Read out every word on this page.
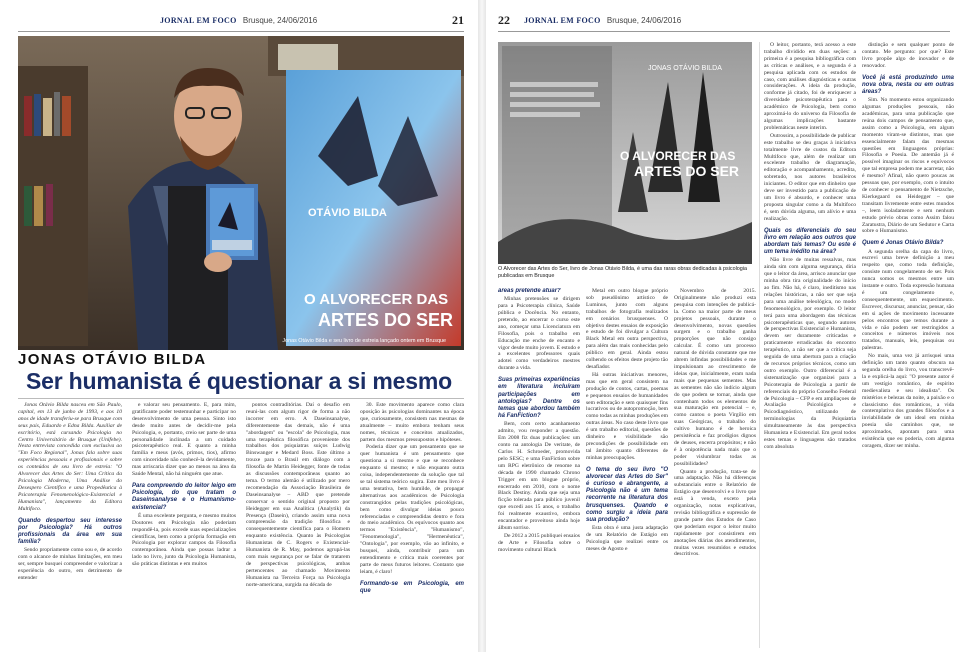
JORNAL EM FOCO Brusque, 24/06/2016	21
OTÁVIO BILDA
O ALVORECER DAS
ARTES DO SER
Jonas Otávio Bilda e seu livro de estreia lançado ontem em Brusque
JONAS OTÁVIO BILDA
Ser humanista é questionar a si mesmo

Jonas Otávio Bilda nasceu em São Paulo, capital, em 13 de junho de 1993, e aos 10 anos de idade transferiu-se para Brusque com seus pais, Eduardo e Edna Bilda. Auxiliar de escritório, está cursando Psicologia no Centro Universitário de Brusque (Unifebe). Nesta entrevista concedida com exclusiva ao "Em Foco Regional", Jonas fala sobre suas experiências pessoais e profissionais e sobre os conteúdos de seu livro de estreia: "O Alvorecer das Artes do Ser: Uma Crítica da Psicologia Moderna, Uma Análise do Desespero Científico e uma Propedêutica à Psicoterapia Fenomenológico-Existencial e Humanista", lançamento da Editora Multifoco.

Quando despertou seu interesse por Psicologia? Há outros profissionais da área em sua família?

Sendo propriamente como sou e, de acordo com o alcance de minhas limitações, em meu ser, sempre busquei compreender e valorizar a experiência do outro, em detrimento de entender

e valorar seu pensamento. E, para mim, gratificante poder testemunhar e participar no desenvolvimento de uma pessoa. Sinto isto desde muito antes de decidir-me pela Psicologia, e, portanto, creio ser parte de uma personalidade inclinada a um cuidado psicoterapêutico real. E quanto a minha família e meus (avós, primos, tios), afirmo com sinceridade não conhecê-la devidamente, mas arriscaria dizer que ao menos na área da Saúde Mental, não há ninguém que atue.

Para compreendo do leitor leigo em Psicologia, do que tratam o Daseinsanalyse e o Humanismo-existencial?

É uma excelente pergunta, e mesmo muitos Doutores em Psicologia não poderiam respondê-la, pois excede suas especializações científicas, bem como a própria formação em Psicologia por explorar campos da Filosofia contemporânea. Ainda que possas ladrar a lado no livro, junto da Psicologia Humanista, são práticas distintas e em muitos

pontos contraditórias. Daí o desafio em reuni-las com algum rigor de forma a não incorrer em erro. A Daseinsanalyse, diferentemente das demais, não é uma "abordagem" ou "escola" de Psicologia, mas uma terapêutica filosófica proveniente dos trabalhos dos psiquiatras suíços Ludwig Binswanger e Medard Boss. Este último a trouxe para o Brasil em diálogo com a filosofia de Martin Heidegger, fonte de todas as discussões contemporâneas quanto ao tema. O termo alemão é utilizado por mero recomendação da Associação Brasileira de Daseinsanalyse – ABD que pretende conservar o sentido original proposto por Heidegger em sua Analítica (Analytik) da Presença (Dasein), criando assim uma nova compreensão da tradição filosófica e consequentemente científica para o Homem enquanto existência. Quanto às Psicologias Humanistas de C. Rogers e Existencial-Humanista de R. May, podemos agrupá-las com mais segurança por se falar de tratarem de perspectivas psicológicas, ambas pertencentes ao chamado Movimento Humanista na Terceira Força na Psicologia norte-americana, surgida na década de

30. Este movimento aparece como clara oposição às psicologias dominantes na época que, curiosamente, consistem nas mesmas de atualmente – muito embora tenham seus nomes, técnicas e conceitos atualizados, partem dos mesmos pressupostos e hipóteses.

Poderia dizer que um pensamento que se quer humanista é um pensamento que questiona a si mesmo e que se reconhece enquanto si mesmo; e não enquanto outra coisa, independentemente da solução que tal se tal sistema teórico sugira. Este meu livro é uma tentativa, bem humilde, de propagar alternativas aos acadêmicos de Psicologia constrangidos pelas tradições psicológicas, bem como divulgar ideias pouco referenciadas e compreendidas dentro e fora do meio acadêmico. Os equívocos quanto aos termos "Existência", "Humanismo", "Fenomenologia", "Hermenêutica", "Ontologia", por exemplo, vão ao infinito, e busquei, ainda, contribuir para um entendimento e crítica mais coerentes por parte de meus futuros leitores. Contanto que leiam, é claro!

Formando-se em Psicologia, em que

22 JORNAL EM FOCO Brusque, 24/06/2016
O ALVORECER DAS
ARTES DO SER
JONAS OTÁVIO BILDA
O Alvorecer das Artes do Ser, livro de Jonas Otávio Bilda, é uma das raras obras dedicadas à psicologia publicadas em Brusque

áreas pretende atuar?

Minhas pretensões se dirigem para a Psicoterapia clínica, Saúde pública e Docência. No entanto, pretendo, ao encerrar o curso este ano, começar uma Licenciatura em Filosofia, pois o trabalho em Educação me enche de encanto e vigor desde muito jovem. E estudo e a excelentes professores quais adotei como verdadeiros mestres durante a vida.

Suas primeiras experiências em literatura incluíram participações em antologias? Dentre os temas que abordou também há FanFiction?

Bem, com certo acanhamento admito, vou responder a questão. Em 2008 fiz duas publicações: um conto na antologia De veritate, de Carlos H. Schroeder, promovida pelo SESC; e uma FanFiction sobre um RPG eletrônico de renome na década de 1990 chamado Chrono Trigger em um blogue próprio, encerrado em 2010, com o nome Black Destiny. Ainda que seja uma ficção tolerada para público juvenil que excedi aos 15 anos, o trabalho foi realmente exaustivo, embora encantador e proveitoso ainda hoje álbum sorriso.

De 2012 a 2015 publiquei ensaios de Arte e Filosofia sobre o movimento cultural Black

Metal em outro blogue próprio sob pseudônimo artístico de Luminus, junto com alguns trabalhos de fotografia realizados em cenários brusquenses. O objetivo destes ensaios de exposição e estudo de foi divulgar a Cultura Black Metal em outra perspectiva, para além das mais conhecidas pelo público em geral. Ainda estou colhendo os efeitos deste projeto tão desafiador.

Há outras iniciativas menores, mas que em geral consistem na produção de contos, cartas, poemas e pequenos ensaios de humanidades sem editoração e sem quaisquer fins lucrativos ou de autopromoção, bem como todas as minhas produções em outras áreas. No caso deste livro que é um trabalho editorial, questões de dinheiro e visibilidade são precondições de possibilidade em tal âmbito quanto diferentes de minhas preocupações.

O tema do seu livro "O alvorecer das Artes do Ser" é curioso e abrangente, a Psicologia não é um tema recorrente na literatura dos brusquenses. Quando e como surgiu a ideia para sua produção?

Esta obra é uma justa adaptação de um Relatório de Estágio em Psicologia que realizei entre os meses de Agosto e

Novembro de 2015. Originalmente não produzi esta pesquisa com intenções de publicá-la. Como na maior parte de meus projetos pessoais, durante o desenvolvimento, novas questões surgem e o trabalho ganha proporções que não consigo calcular. É como um processo natural de dúvida constante que me abrem infindas possibilidades e me impulsionam ao crescimento de ideias que, inicialmente, eram nada mais que pequenas sementes. Mas as sementes não são indício algum do que podem se tornar, ainda que contenham todos os elementos de sua maturação em potencial – e, como cantou o poeta Virgílio em suas Geórgicas, o trabalho do cultivo humano é de heroica persistência e faz prodígios dignos de deuses, encerra propósitos; e não é à onipotência nada mais que o poder vislumbrar todas as possibilidades?

Quanto a produção, trata-se de uma adaptação. Não há diferenças substanciais entre o Relatório de Estágio que desenvolvi e o livro que está à venda, exceto pela organização, notas explicativas, revisão bibliográfica e supressão de grande parte dos Estudos de Caso que poderiam expor o leitor muito rapidamente por consistirem em anotações diárias dos atendimentos, muitas vezes resumidos e estudos descritivos.

O leitor, portanto, terá acesso a este trabalho dividido em duas seções: a primeira é a pesquisa bibliográfica com as críticas e análises, e a segunda é a pesquisa aplicada com os estudos de caso, com análises diagnósticas e outras considerações. A ideia da produção, conforme já citado, foi de enriquecer a diversidade psicoterapêutica para o acadêmico de Psicologia, bem como aproximá-lo do universo da Filosofia de algumas implicações bastante problemáticas neste interim.

Outrossim, a possibilidade de publicar este trabalho se deu graças à iniciativa totalmente livre de custos da Editora Multifoco que, além de realizar um excelente trabalho de diagramação, editoração e acompanhamento, acredita, sobretudo, nos autores brasileiros iniciantes. O editor que em dinheiro que deve ser investido para a publicação de um livro é absurdo, e conhecer uma proposta singular como a da Multifoco é, sem dúvida alguma, um alívio e uma realização.

Quais os diferenciais do seu livro em relação aos outros que abordam tais temas? Ou este é um tema inédito na área?

Não livre de muitas ressalvas, mas ainda sim com alguma segurança, diria que o leitor da área, arrisco anunciar que minha obra tira originalidade do início ao fim. Não há, é claro, ineditismo nas relações históricas, a não ser que seja para uma análise teleológica, no modo fenomenológico, por exemplo. O leitor terá para uma abordagem das técnicas psicoterapêuticas que, segundo autores de perspectivas Existencial e Humanista, devem ser duramente criticadas e praticamente erradicadas do encontro terapêutico, a não ser que a crítica seja seguida de uma abertura para a criação de recursos próprios técnicos, como um outro exemplo. Outro diferencial é a sistematização que organizei para a Psicoterapia de Psicologia a partir de referenciais do próprio Conselho Federal de Psicologia – CFP e em ampliaçoes de Avaliação Psicológica e Psicodiagnóstico, utilizando de terminologias da Psiquiatria simultaneamente às das perspectiva Humanista e Existencial. Em geral todos estes temas e linguagens são tratados com absoluta

distinção e sem qualquer ponto de contato. Me pergunto: por que? Este livro propõe algo de inovador e de renovador.

Você já está produzindo uma nova obra, nesta ou em outras áreas?

Sim. No momento estou organizando algumas produções pessoais, não acadêmicas, para uma publicação que reúna dois campos de pensamento que, assim como a Psicologia, em algum momento viram-se distintos, mas que essencialmente falam das mesmas questões em linguagens próprias: Filosofia e Poesia. De antemão já é possível imaginar os riscos e equívocos que tal empresa podem me acarretar, não é mesmo? Afinal, não quero poucas as pessoas que, por exemplo, com o intuito de conhecer o pensamento de Nietzsche, Kierkegaard ou Heidegger – que transitam livremente entre estes mundos –, leem isoladamente e sem nenhum estudo prévio obras como Assim falou Zaratustra, Diário de um Sedutor e Carta sobre o Humanismo.

Quem é Jonas Otávio Bilda?

A segunda orelha da capa do livro, escrevi uma breve definição a meu respeito que, como toda definição, consiste num congelamento de ser. Pois nunca somos os mesmos entre um instante e outro. Toda expressão humana é um congelamento e, consequentemente, um esquecimento. Escrever, discursar, anunciar, pensar, são em si ações de movimento incessante pelos encontros que temos durante a vida e não podem ser restringidos a conceitos e números imóveis nos tratados, manuais, leis, pesquisas ou palestras.

No mais, uma vez já arrisquei uma definição um tanto quanto obscura na segunda orelha do livro, vou transcrevê-la e explicá-la aqui: "O presente autor é um vestígio romântico, de espírito medievalista e seu idealista". Os mistérios e belezas da noite, a paixão e o classicismo dos românticos, a vida contemplativa dos grandes filósofos e a inviabilidade de um ideal em minha poesia são caminhos que, se aproximados, apontam para uma existência que eu poderia, com alguma coragem, dizer ser minha.
